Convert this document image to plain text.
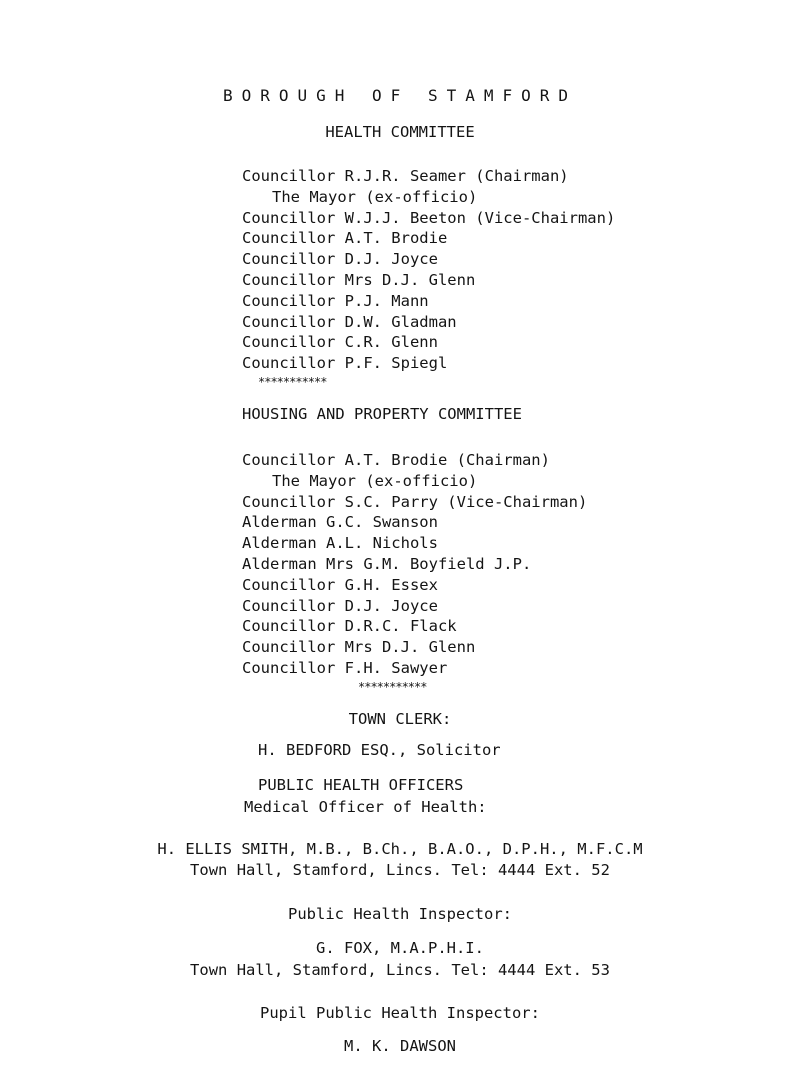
BOROUGH OF STAMFORD
HEALTH COMMITTEE
Councillor R.J.R. Seamer (Chairman)
The Mayor (ex-officio)
Councillor W.J.J. Beeton (Vice-Chairman)
Councillor A.T. Brodie
Councillor D.J. Joyce
Councillor Mrs D.J. Glenn
Councillor P.J. Mann
Councillor D.W. Gladman
Councillor C.R. Glenn
Councillor P.F. Spiegl
***********
HOUSING AND PROPERTY COMMITTEE
Councillor A.T. Brodie (Chairman)
The Mayor (ex-officio)
Councillor S.C. Parry (Vice-Chairman)
Alderman G.C. Swanson
Alderman A.L. Nichols
Alderman Mrs G.M. Boyfield J.P.
Councillor G.H. Essex
Councillor D.J. Joyce
Councillor D.R.C. Flack
Councillor Mrs D.J. Glenn
Councillor F.H. Sawyer
***********
TOWN CLERK:
H. BEDFORD ESQ., Solicitor
PUBLIC HEALTH OFFICERS
Medical Officer of Health:
H. ELLIS SMITH, M.B., B.Ch., B.A.O., D.P.H., M.F.C.M
Town Hall, Stamford, Lincs. Tel: 4444 Ext. 52
Public Health Inspector:
G. FOX, M.A.P.H.I.
Town Hall, Stamford, Lincs. Tel: 4444 Ext. 53
Pupil Public Health Inspector:
M. K. DAWSON
